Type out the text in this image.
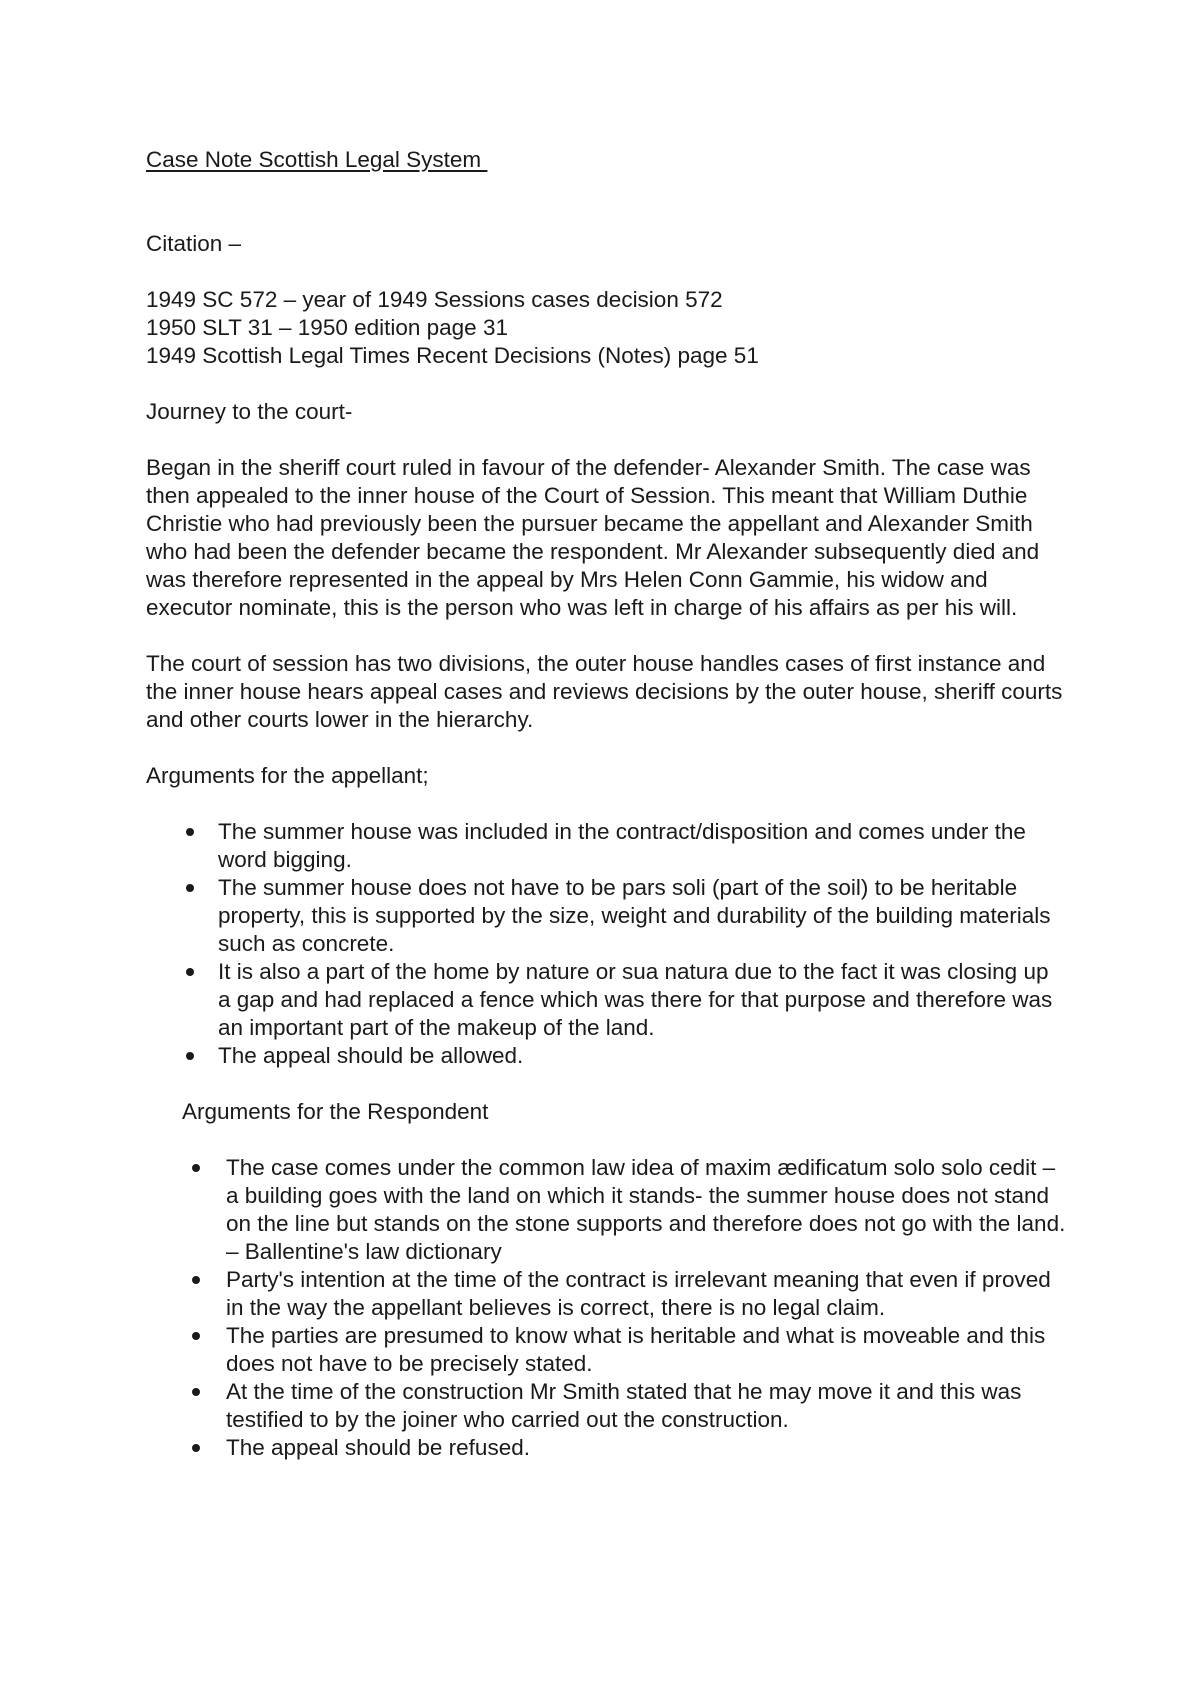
Case Note Scottish Legal System

Citation –

1949 SC 572 – year of 1949 Sessions cases decision 572

1950 SLT 31 – 1950 edition page 31

1949 Scottish Legal Times Recent Decisions (Notes) page 51

Journey to the court-

Began in the sheriff court ruled in favour of the defender- Alexander Smith. The case was then appealed to the inner house of the Court of Session. This meant that William Duthie Christie who had previously been the pursuer became the appellant and Alexander Smith who had been the defender became the respondent. Mr Alexander subsequently died and was therefore represented in the appeal by Mrs Helen Conn Gammie, his widow and executor nominate, this is the person who was left in charge of his affairs as per his will.

The court of session has two divisions, the outer house handles cases of first instance and the inner house hears appeal cases and reviews decisions by the outer house, sheriff courts and other courts lower in the hierarchy.

Arguments for the appellant;

The summer house was included in the contract/disposition and comes under the word bigging.
The summer house does not have to be pars soli (part of the soil) to be heritable property, this is supported by the size, weight and durability of the building materials such as concrete.
It is also a part of the home by nature or sua natura due to the fact it was closing up a gap and had replaced a fence which was there for that purpose and therefore was an important part of the makeup of the land.
The appeal should be allowed.

Arguments for the Respondent

The case comes under the common law idea of maxim ædificatum solo solo cedit – a building goes with the land on which it stands- the summer house does not stand on the line but stands on the stone supports and therefore does not go with the land. – Ballentine's law dictionary
Party's intention at the time of the contract is irrelevant meaning that even if proved in the way the appellant believes is correct, there is no legal claim.
The parties are presumed to know what is heritable and what is moveable and this does not have to be precisely stated.
At the time of the construction Mr Smith stated that he may move it and this was testified to by the joiner who carried out the construction.
The appeal should be refused.
